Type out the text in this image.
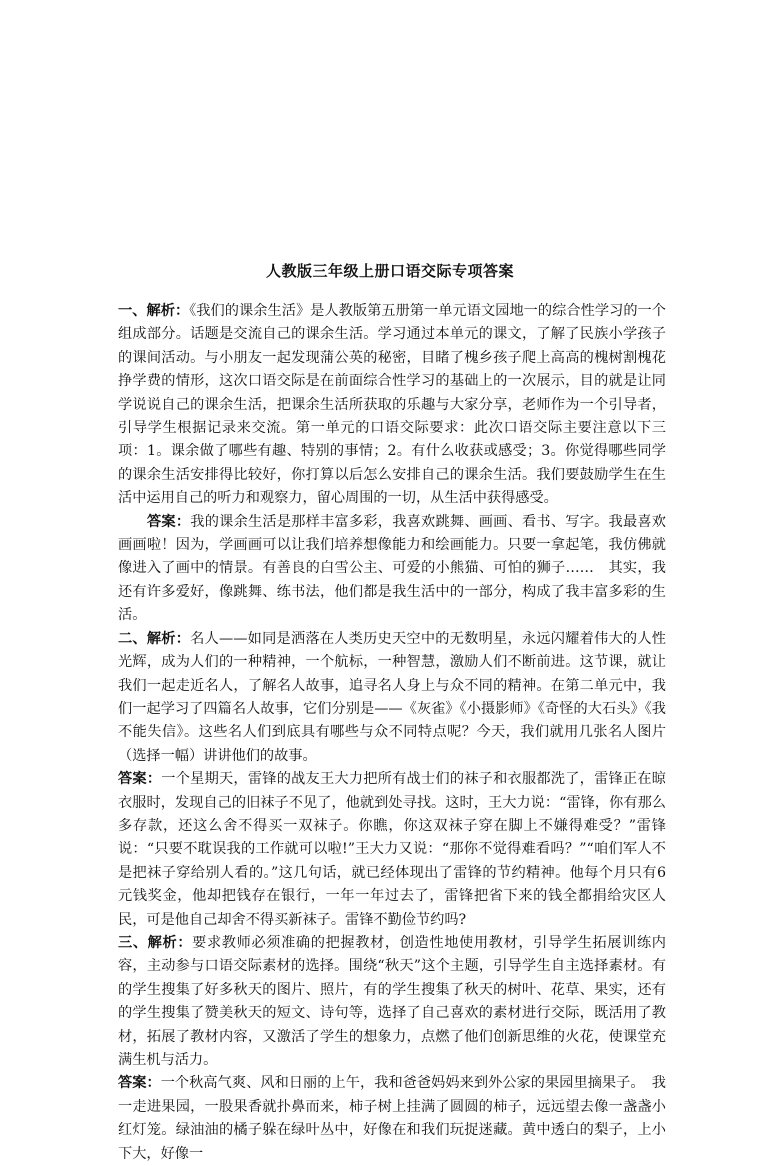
人教版三年级上册口语交际专项答案

一、解析：《我们的课余生活》是人教版第五册第一单元语文园地一的综合性学习的一个组成部分。话题是交流自己的课余生活。学习通过本单元的课文，了解了民族小学孩子的课间活动。与小朋友一起发现蒲公英的秘密，目睹了槐乡孩子爬上高高的槐树割槐花挣学费的情形，这次口语交际是在前面综合性学习的基础上的一次展示，目的就是让同学说说自己的课余生活，把课余生活所获取的乐趣与大家分享，老师作为一个引导者，引导学生根据记录来交流。第一单元的口语交际要求：此次口语交际主要注意以下三项：1。课余做了哪些有趣、特别的事情；2。有什么收获或感受；3。你觉得哪些同学的课余生活安排得比较好，你打算以后怎么安排自己的课余生活。我们要鼓励学生在生活中运用自己的听力和观察力，留心周围的一切，从生活中获得感受。

答案：我的课余生活是那样丰富多彩，我喜欢跳舞、画画、看书、写字。我最喜欢画画啦！因为，学画画可以让我们培养想像能力和绘画能力。只要一拿起笔，我仿佛就像进入了画中的情景。有善良的白雪公主、可爱的小熊猫、可怕的狮子……　其实，我还有许多爱好，像跳舞、练书法，他们都是我生活中的一部分，构成了我丰富多彩的生活。

二、解析：名人——如同是洒落在人类历史天空中的无数明星，永远闪耀着伟大的人性光辉，成为人们的一种精神，一个航标，一种智慧，激励人们不断前进。这节课，就让我们一起走近名人，了解名人故事，追寻名人身上与众不同的精神。在第二单元中，我们一起学习了四篇名人故事，它们分别是——《灰雀》《小摄影师》《奇怪的大石头》《我不能失信》。这些名人们到底具有哪些与众不同特点呢？今天，我们就用几张名人图片（选择一幅）讲讲他们的故事。

答案：一个星期天，雷锋的战友王大力把所有战士们的袜子和衣服都洗了，雷锋正在晾衣服时，发现自己的旧袜子不见了，他就到处寻找。这时，王大力说：“雷锋，你有那么多存款，还这么舍不得买一双袜子。你瞧，你这双袜子穿在脚上不嫌得难受？”雷锋说：“只要不耽误我的工作就可以啦!”王大力又说：“那你不觉得难看吗？”“咱们军人不是把袜子穿给别人看的。”这几句话，就已经体现出了雷锋的节约精神。他每个月只有6元钱奖金，他却把钱存在银行，一年一年过去了，雷锋把省下来的钱全都捐给灾区人民，可是他自己却舍不得买新袜子。雷锋不勤俭节约吗?

三、解析：要求教师必须准确的把握教材，创造性地使用教材，引导学生拓展训练内容，主动参与口语交际素材的选择。围绕“秋天”这个主题，引导学生自主选择素材。有的学生搜集了好多秋天的图片、照片，有的学生搜集了秋天的树叶、花草、果实，还有的学生搜集了赞美秋天的短文、诗句等，选择了自己喜欢的素材进行交际，既活用了教材，拓展了教材内容，又激活了学生的想象力，点燃了他们创新思维的火花，使课堂充满生机与活力。

答案：一个秋高气爽、风和日丽的上午，我和爸爸妈妈来到外公家的果园里摘果子。　我一走进果园，一股果香就扑鼻而来，柿子树上挂满了圆圆的柿子，远远望去像一盏盏小红灯笼。绿油油的橘子躲在绿叶丛中，好像在和我们玩捉迷藏。黄中透白的梨子，上小下大，好像一
